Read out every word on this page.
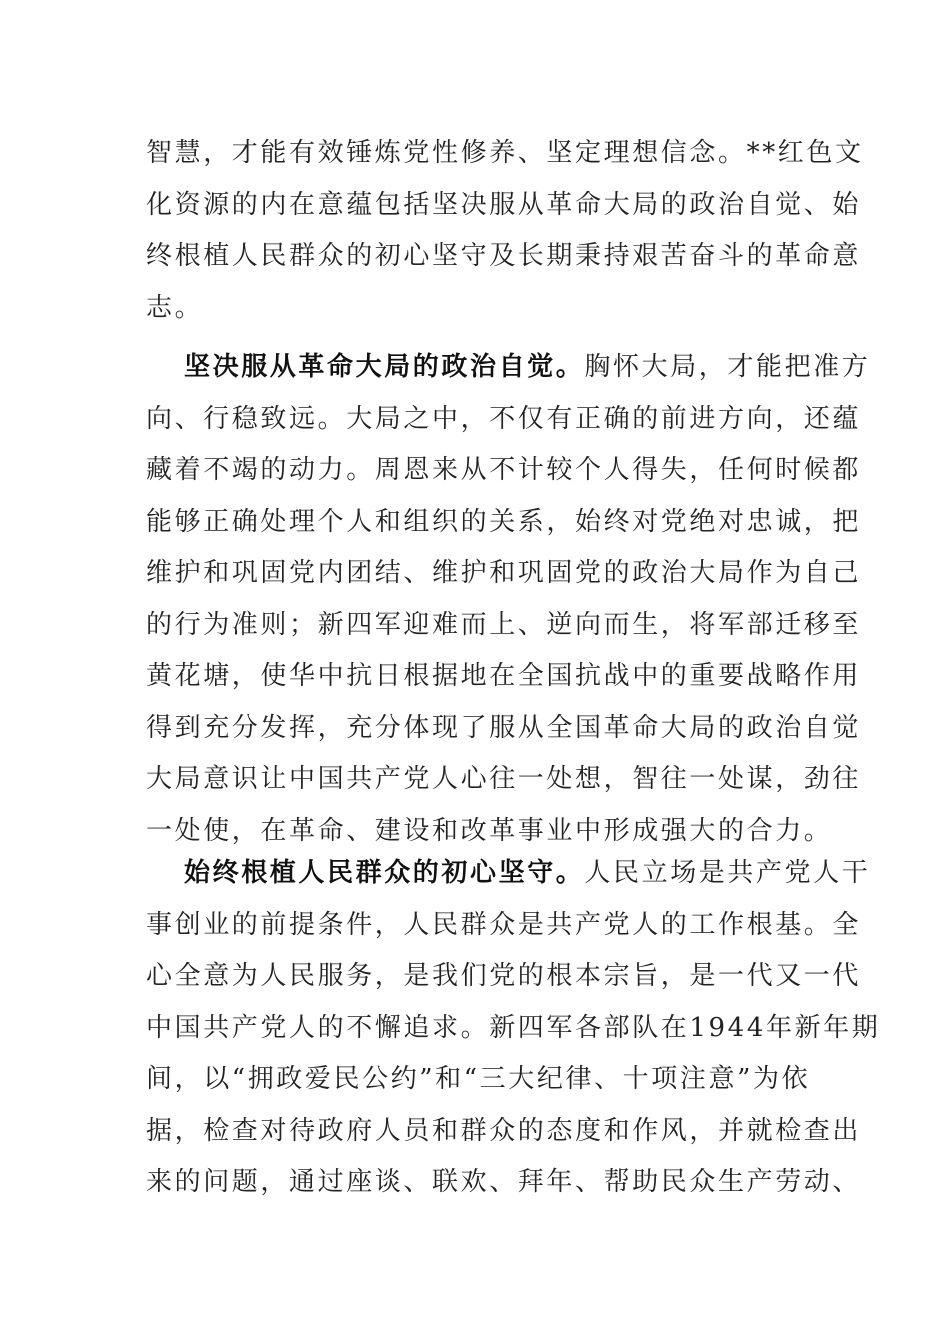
智慧，才能有效锤炼党性修养、坚定理想信念。**红色文
化资源的内在意蕴包括坚决服从革命大局的政治自觉、始
终根植人民群众的初心坚守及长期秉持艰苦奋斗的革命意
志。
坚决服从革命大局的政治自觉。胸怀大局，才能把准方
向、行稳致远。大局之中，不仅有正确的前进方向，还蕴
藏着不竭的动力。周恩来从不计较个人得失，任何时候都
能够正确处理个人和组织的关系，始终对党绝对忠诚，把
维护和巩固党内团结、维护和巩固党的政治大局作为自己
的行为准则；新四军迎难而上、逆向而生，将军部迁移至
黄花塘，使华中抗日根据地在全国抗战中的重要战略作用
得到充分发挥，充分体现了服从全国革命大局的政治自觉
大局意识让中国共产党人心往一处想，智往一处谋，劲往
一处使，在革命、建设和改革事业中形成强大的合力。
始终根植人民群众的初心坚守。人民立场是共产党人干
事创业的前提条件，人民群众是共产党人的工作根基。全
心全意为人民服务，是我们党的根本宗旨，是一代又一代
中国共产党人的不懈追求。新四军各部队在1944年新年期
间，以“拥政爱民公约”和“三大纪律、十项注意”为依
据，检查对待政府人员和群众的态度和作风，并就检查出
来的问题，通过座谈、联欢、拜年、帮助民众生产劳动、
